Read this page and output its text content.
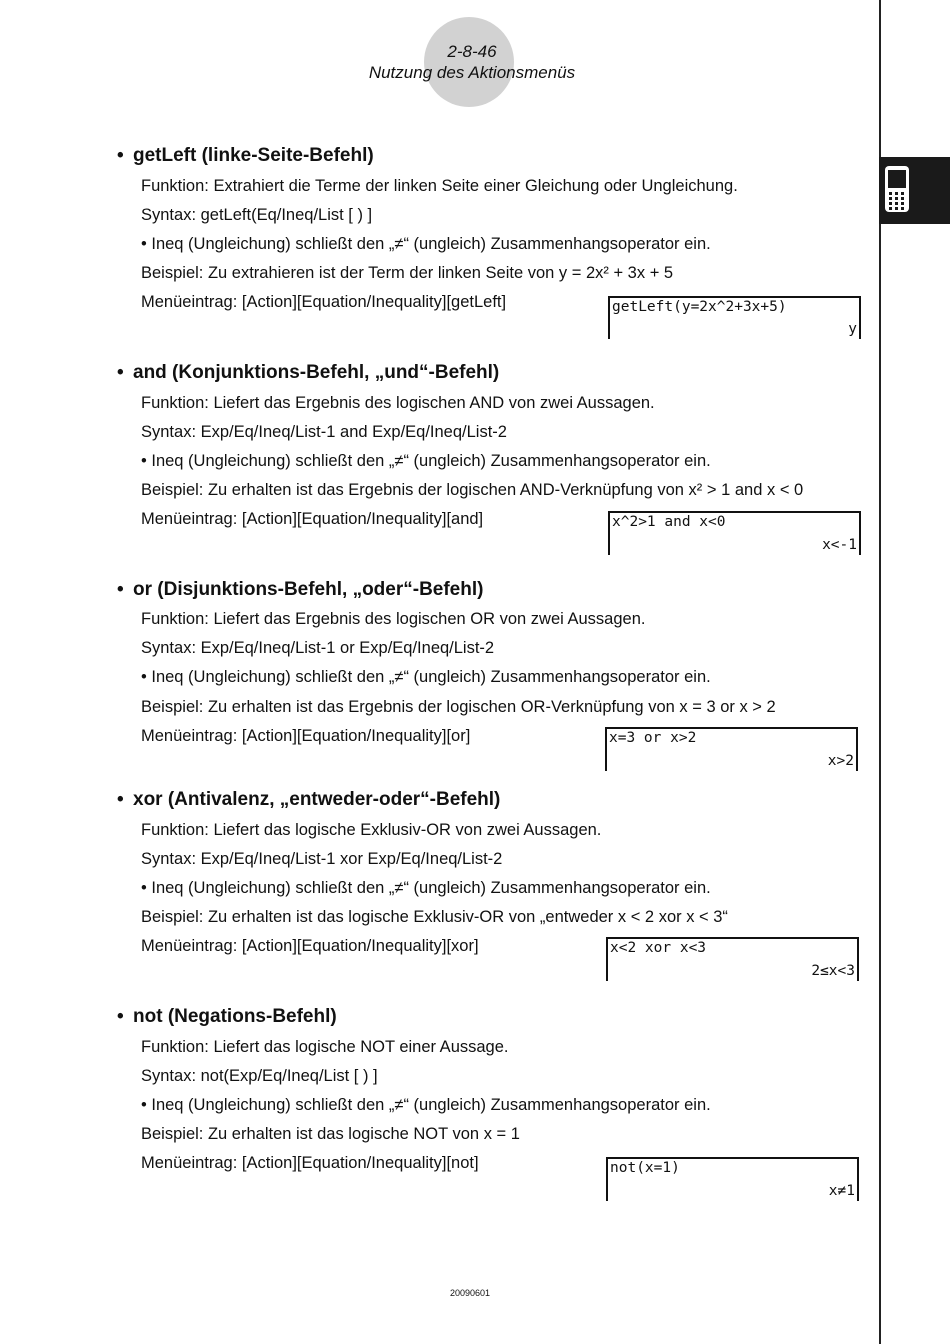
2-8-46
Nutzung des Aktionsmenüs
• getLeft (linke-Seite-Befehl)
Funktion: Extrahiert die Terme der linken Seite einer Gleichung oder Ungleichung.
Syntax: getLeft(Eq/Ineq/List [ ) ]
• Ineq (Ungleichung) schließt den „≠“ (ungleich) Zusammenhangsoperator ein.
Beispiel: Zu extrahieren ist der Term der linken Seite von y = 2x² + 3x + 5
Menüeintrag: [Action][Equation/Inequality][getLeft]	getLeft(y=2x^2+3x+5)
y
• and (Konjunktions-Befehl, „und“-Befehl)
Funktion: Liefert das Ergebnis des logischen AND von zwei Aussagen.
Syntax: Exp/Eq/Ineq/List-1 and Exp/Eq/Ineq/List-2
• Ineq (Ungleichung) schließt den „≠“ (ungleich) Zusammenhangsoperator ein.
Beispiel: Zu erhalten ist das Ergebnis der logischen AND-Verknüpfung von x² > 1 and x < 0
Menüeintrag: [Action][Equation/Inequality][and]	x^2>1 and x<0
x<-1
• or (Disjunktions-Befehl, „oder“-Befehl)
Funktion: Liefert das Ergebnis des logischen OR von zwei Aussagen.
Syntax: Exp/Eq/Ineq/List-1 or Exp/Eq/Ineq/List-2
• Ineq (Ungleichung) schließt den „≠“ (ungleich) Zusammenhangsoperator ein.
Beispiel: Zu erhalten ist das Ergebnis der logischen OR-Verknüpfung von x = 3 or x > 2
Menüeintrag: [Action][Equation/Inequality][or]	x=3 or x>2
x>2
• xor (Antivalenz, „entweder-oder“-Befehl)
Funktion: Liefert das logische Exklusiv-OR von zwei Aussagen.
Syntax: Exp/Eq/Ineq/List-1 xor Exp/Eq/Ineq/List-2
• Ineq (Ungleichung) schließt den „≠“ (ungleich) Zusammenhangsoperator ein.
Beispiel: Zu erhalten ist das logische Exklusiv-OR von „entweder x < 2 xor x < 3“
Menüeintrag: [Action][Equation/Inequality][xor]	x<2 xor x<3
2≤x<3
• not (Negations-Befehl)
Funktion: Liefert das logische NOT einer Aussage.
Syntax: not(Exp/Eq/Ineq/List [ ) ]
• Ineq (Ungleichung) schließt den „≠“ (ungleich) Zusammenhangsoperator ein.
Beispiel: Zu erhalten ist das logische NOT von x = 1
Menüeintrag: [Action][Equation/Inequality][not]	not(x=1)
x≠1
20090601
